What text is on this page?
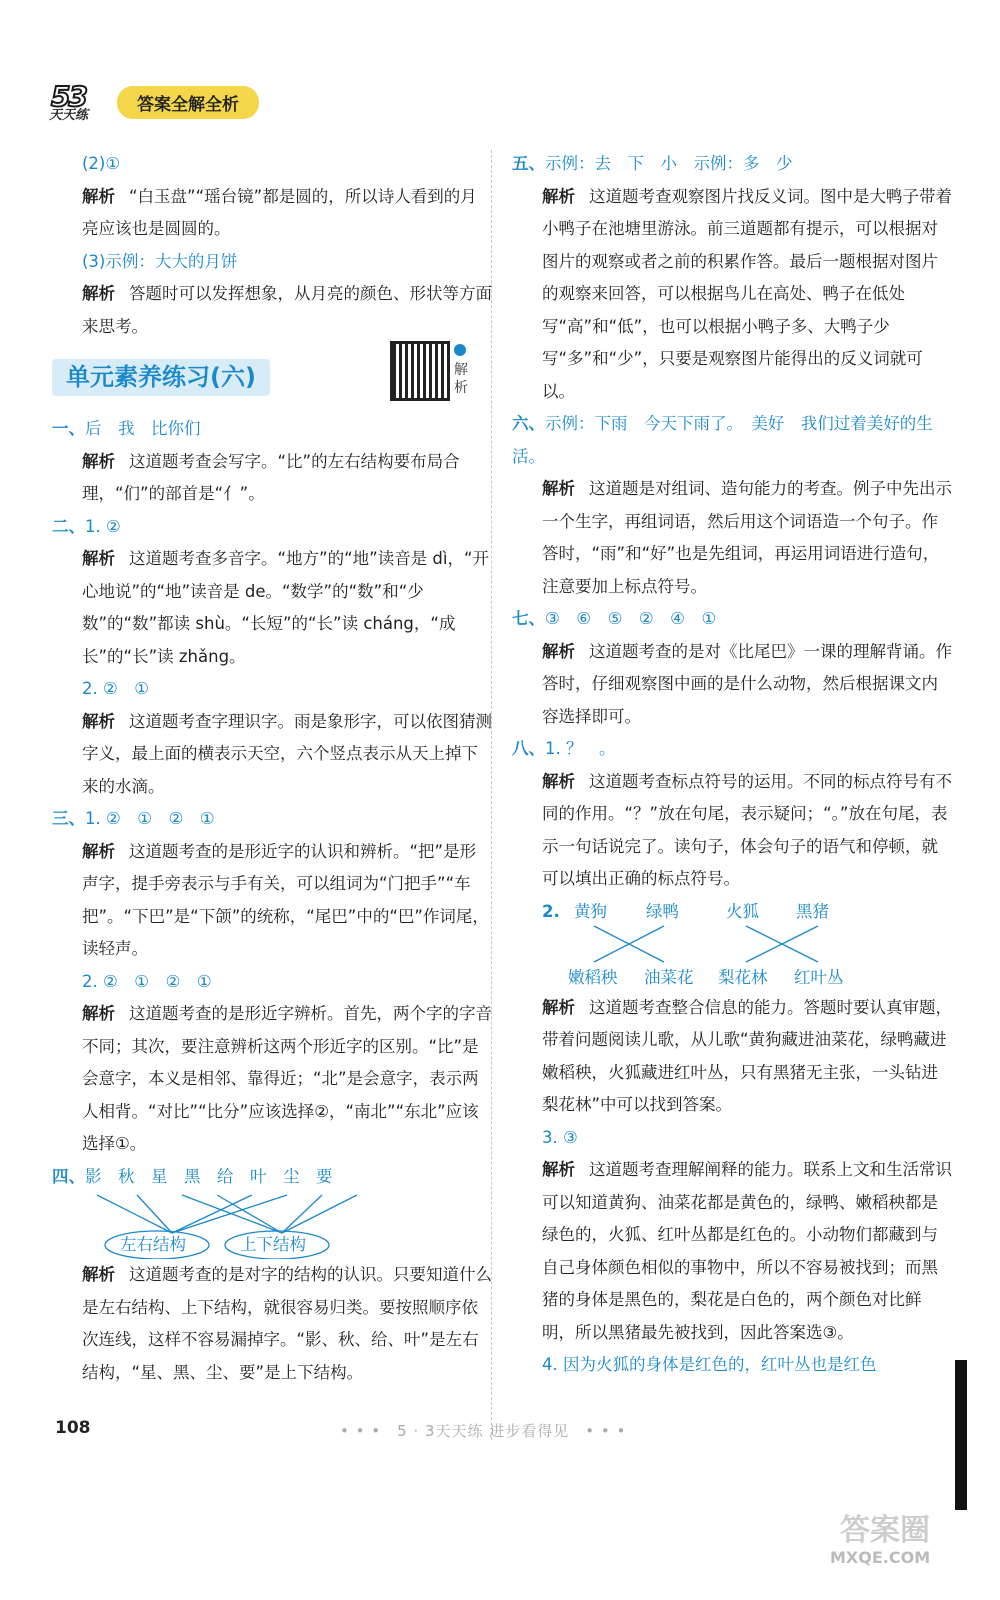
53
天天练
答案全解全析

(2)①

解析 “白玉盘”“瑶台镜”都是圆的，所以诗人看到的月亮应该也是圆圆的。

(3)示例：大大的月饼

解析 答题时可以发挥想象，从月亮的颜色、形状等方面来思考。

单元素养练习(六)	解析

一、后　我　比你们

解析 这道题考查会写字。“比”的左右结构要布局合理，“们”的部首是“亻”。

二、1. ②

解析 这道题考查多音字。“地方”的“地”读音是 dì，“开心地说”的“地”读音是 de。“数学”的“数”和“少数”的“数”都读 shù。“长短”的“长”读 cháng，“成长”的“长”读 zhǎng。

2. ②　①

解析 这道题考查字理识字。雨是象形字，可以依图猜测字义，最上面的横表示天空，六个竖点表示从天上掉下来的水滴。

三、1. ②　①　②　①

解析 这道题考查的是形近字的认识和辨析。“把”是形声字，提手旁表示与手有关，可以组词为“门把手”“车把”。“下巴”是“下颌”的统称，“尾巴”中的“巴”作词尾，读轻声。

2. ②　①　②　①

解析 这道题考查的是形近字辨析。首先，两个字的字音不同；其次，要注意辨析这两个形近字的区别。“比”是会意字，本义是相邻、靠得近；“北”是会意字，表示两人相背。“对比”“比分”应该选择②，“南北”“东北”应该选择①。

四、影　秋　星　黑　给　叶　尘　要

左右结构	上下结构

解析 这道题考查的是对字的结构的认识。只要知道什么是左右结构、上下结构，就很容易归类。要按照顺序依次连线，这样不容易漏掉字。“影、秋、给、叶”是左右结构，“星、黑、尘、要”是上下结构。

五、示例：去　下　小　示例：多　少

解析 这道题考查观察图片找反义词。图中是大鸭子带着小鸭子在池塘里游泳。前三道题都有提示，可以根据对图片的观察或者之前的积累作答。最后一题根据对图片的观察来回答，可以根据鸟儿在高处、鸭子在低处写“高”和“低”，也可以根据小鸭子多、大鸭子少写“多”和“少”，只要是观察图片能得出的反义词就可以。

六、示例：下雨　今天下雨了。　美好　我们过着美好的生活。

解析 这道题是对组词、造句能力的考查。例子中先出示一个生字，再组词语，然后用这个词语造一个句子。作答时，“雨”和“好”也是先组词，再运用词语进行造句，注意要加上标点符号。

七、③　⑥　⑤　②　④　①

解析 这道题考查的是对《比尾巴》一课的理解背诵。作答时，仔细观察图中画的是什么动物，然后根据课文内容选择即可。

八、1. ？　。

解析 这道题考查标点符号的运用。不同的标点符号有不同的作用。“？”放在句尾，表示疑问；“。”放在句尾，表示一句话说完了。读句子，体会句子的语气和停顿，就可以填出正确的标点符号。

2. 黄狗 绿鸭	火狐 黑猪
嫩稻秧 油菜花 梨花林 红叶丛

解析 这道题考查整合信息的能力。答题时要认真审题，带着问题阅读儿歌，从儿歌“黄狗藏进油菜花，绿鸭藏进嫩稻秧，火狐藏进红叶丛，只有黑猪无主张，一头钻进梨花林”中可以找到答案。

3. ③

解析 这道题考查理解阐释的能力。联系上文和生活常识可以知道黄狗、油菜花都是黄色的，绿鸭、嫩稻秧都是绿色的，火狐、红叶丛都是红色的。小动物们都藏到与自己身体颜色相似的事物中，所以不容易被找到；而黑猪的身体是黑色的，梨花是白色的，两个颜色对比鲜明，所以黑猪最先被找到，因此答案选③。

4. 因为火狐的身体是红色的，红叶丛也是红色

108	• • •　5 · 3天天练 进步看得见　• • •
答案圈
MXQE.COM
